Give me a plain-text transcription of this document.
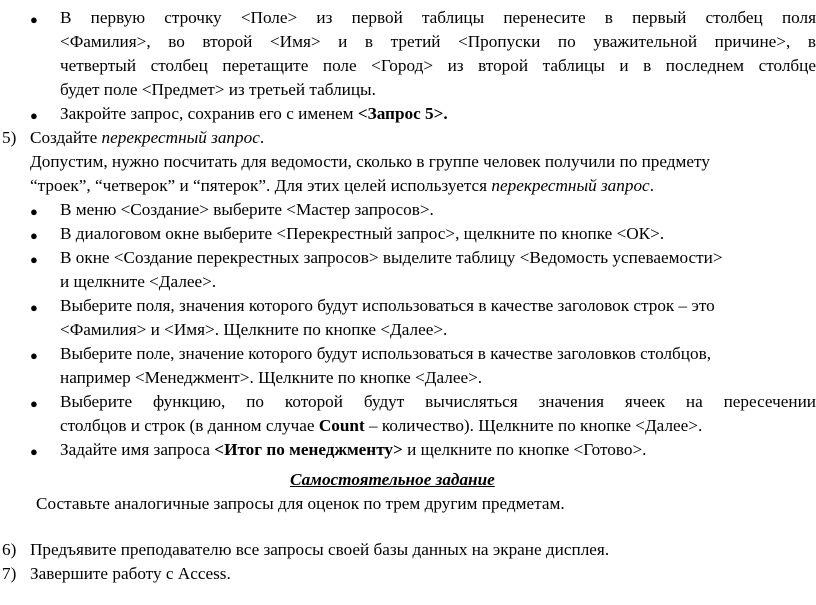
● В первую строчку <Поле> из первой таблицы перенесите в первый столбец поля
<Фамилия>, во второй <Имя> и в третий <Пропуски по уважительной причине>, в
четвертый столбец перетащите поле <Город> из второй таблицы и в последнем столбце
будет поле <Предмет> из третьей таблицы.
● Закройте запрос, сохранив его с именем <Запрос 5>.
5) Создайте перекрестный запрос.
Допустим, нужно посчитать для ведомости, сколько в группе человек получили по предмету
“троек”, “четверок” и “пятерок”. Для этих целей используется перекрестный запрос.
● В меню <Создание> выберите <Мастер запросов>.
● В диалоговом окне выберите <Перекрестный запрос>, щелкните по кнопке <ОК>.
● В окне <Создание перекрестных запросов> выделите таблицу <Ведомость успеваемости>
и щелкните <Далее>.
● Выберите поля, значения которого будут использоваться в качестве заголовок строк – это
<Фамилия> и <Имя>. Щелкните по кнопке <Далее>.
● Выберите поле, значение которого будут использоваться в качестве заголовков столбцов,
например <Менеджмент>. Щелкните по кнопке <Далее>.
● Выберите функцию, по которой будут вычисляться значения ячеек на пересечении
столбцов и строк (в данном случае Count – количество). Щелкните по кнопке <Далее>.
● Задайте имя запроса <Итог по менеджменту> и щелкните по кнопке <Готово>.
Самостоятельное задание
Составьте аналогичные запросы для оценок по трем другим предметам.
6) Предъявите преподавателю все запросы своей базы данных на экране дисплея.
7) Завершите работу с Access.
